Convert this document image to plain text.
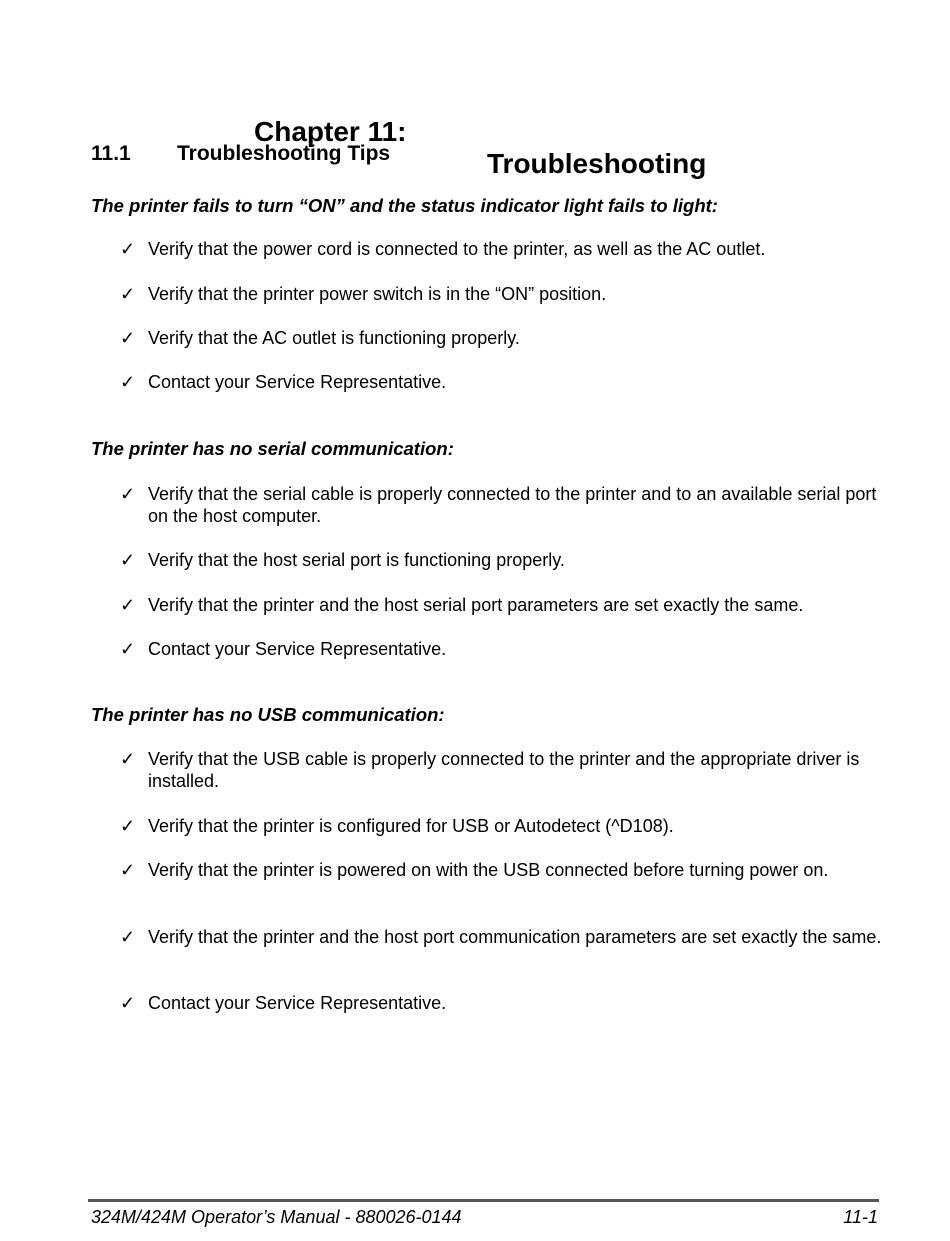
Chapter 11:

Troubleshooting

11.1 Troubleshooting Tips
The printer fails to turn “ON” and the status indicator light fails to light:
✓ Verify that the power cord is connected to the printer, as well as the AC outlet.
✓ Verify that the printer power switch is in the “ON” position.
✓ Verify that the AC outlet is functioning properly.
✓ Contact your Service Representative.
The printer has no serial communication:
✓ Verify that the serial cable is properly connected to the printer and to an available serial port on the host computer.
✓ Verify that the host serial port is functioning properly.
✓ Verify that the printer and the host serial port parameters are set exactly the same.
✓ Contact your Service Representative.
The printer has no USB communication:
✓ Verify that the USB cable is properly connected to the printer and the appropriate driver is installed.
✓ Verify that the printer is configured for USB or Autodetect (^D108).
✓ Verify that the printer is powered on with the USB connected before turning power on.
✓ Verify that the printer and the host port communication parameters are set exactly the same.
✓ Contact your Service Representative.
324M/424M Operator’s Manual - 880026-0144	11-1
